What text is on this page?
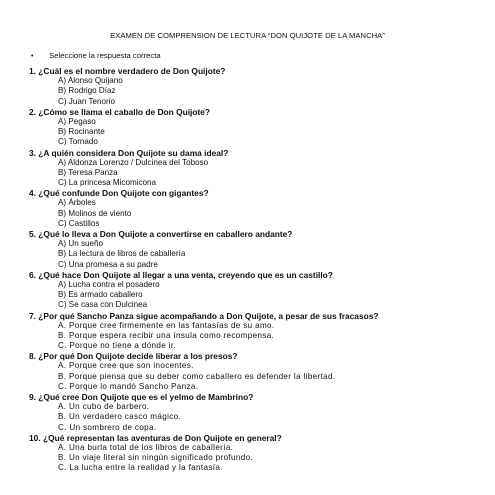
EXAMEN DE COMPRENSION DE LECTURA “DON QUIJOTE DE LA MANCHA”
• Seleccione la respuesta correcta
1. ¿Cuál es el nombre verdadero de Don Quijote?
A) Alonso Quijano
B) Rodrigo Díaz
C) Juan Tenorio
2. ¿Cómo se llama el caballo de Don Quijote?
A) Pegaso
B) Rocinante
C) Tornado
3. ¿A quién considera Don Quijote su dama ideal?
A) Aldonza Lorenzo / Dulcinea del Toboso
B) Teresa Panza
C) La princesa Micomicona
4. ¿Qué confunde Don Quijote con gigantes?
A) Árboles
B) Molinos de viento
C) Castillos
5. ¿Qué lo lleva a Don Quijote a convertirse en caballero andante?
A) Un sueño
B) La lectura de libros de caballería
C) Una promesa a su padre
6. ¿Qué hace Don Quijote al llegar a una venta, creyendo que es un castillo?
A) Lucha contra el posadero
B) Es armado caballero
C) Se casa con Dulcinea
7. ¿Por qué Sancho Panza sigue acompañando a Don Quijote, a pesar de sus fracasos?
A. Porque cree firmemente en las fantasías de su amo.
B. Porque espera recibir una ínsula como recompensa.
C. Porque no tiene a dónde ir.
8. ¿Por qué Don Quijote decide liberar a los presos?
A. Porque cree que son inocentes.
B. Porque piensa que su deber como caballero es defender la libertad.
C. Porque lo mandó Sancho Panza.
9. ¿Qué cree Don Quijote que es el yelmo de Mambrino?
A. Un cubo de barbero.
B. Un verdadero casco mágico.
C. Un sombrero de copa.
10. ¿Qué representan las aventuras de Don Quijote en general?
A. Una burla total de los libros de caballería.
B. Un viaje literal sin ningún significado profundo.
C. La lucha entre la realidad y la fantasía.
